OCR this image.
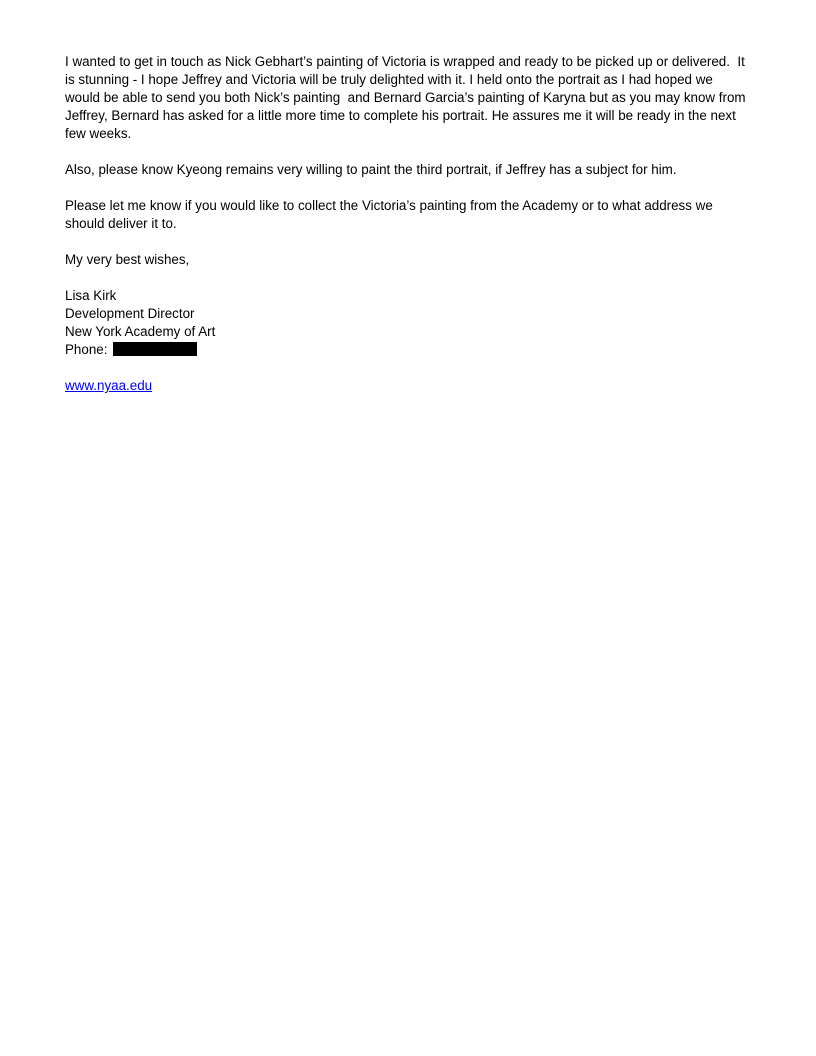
I wanted to get in touch as Nick Gebhart’s painting of Victoria is wrapped and ready to be picked up or delivered.  It
is stunning - I hope Jeffrey and Victoria will be truly delighted with it. I held onto the portrait as I had hoped we
would be able to send you both Nick’s painting  and Bernard Garcia’s painting of Karyna but as you may know from
Jeffrey, Bernard has asked for a little more time to complete his portrait. He assures me it will be ready in the next
few weeks.
Also, please know Kyeong remains very willing to paint the third portrait, if Jeffrey has a subject for him.
Please let me know if you would like to collect the Victoria’s painting from the Academy or to what address we
should deliver it to.
My very best wishes,
Lisa Kirk
Development Director
New York Academy of Art
Phone:
www.nyaa.edu
